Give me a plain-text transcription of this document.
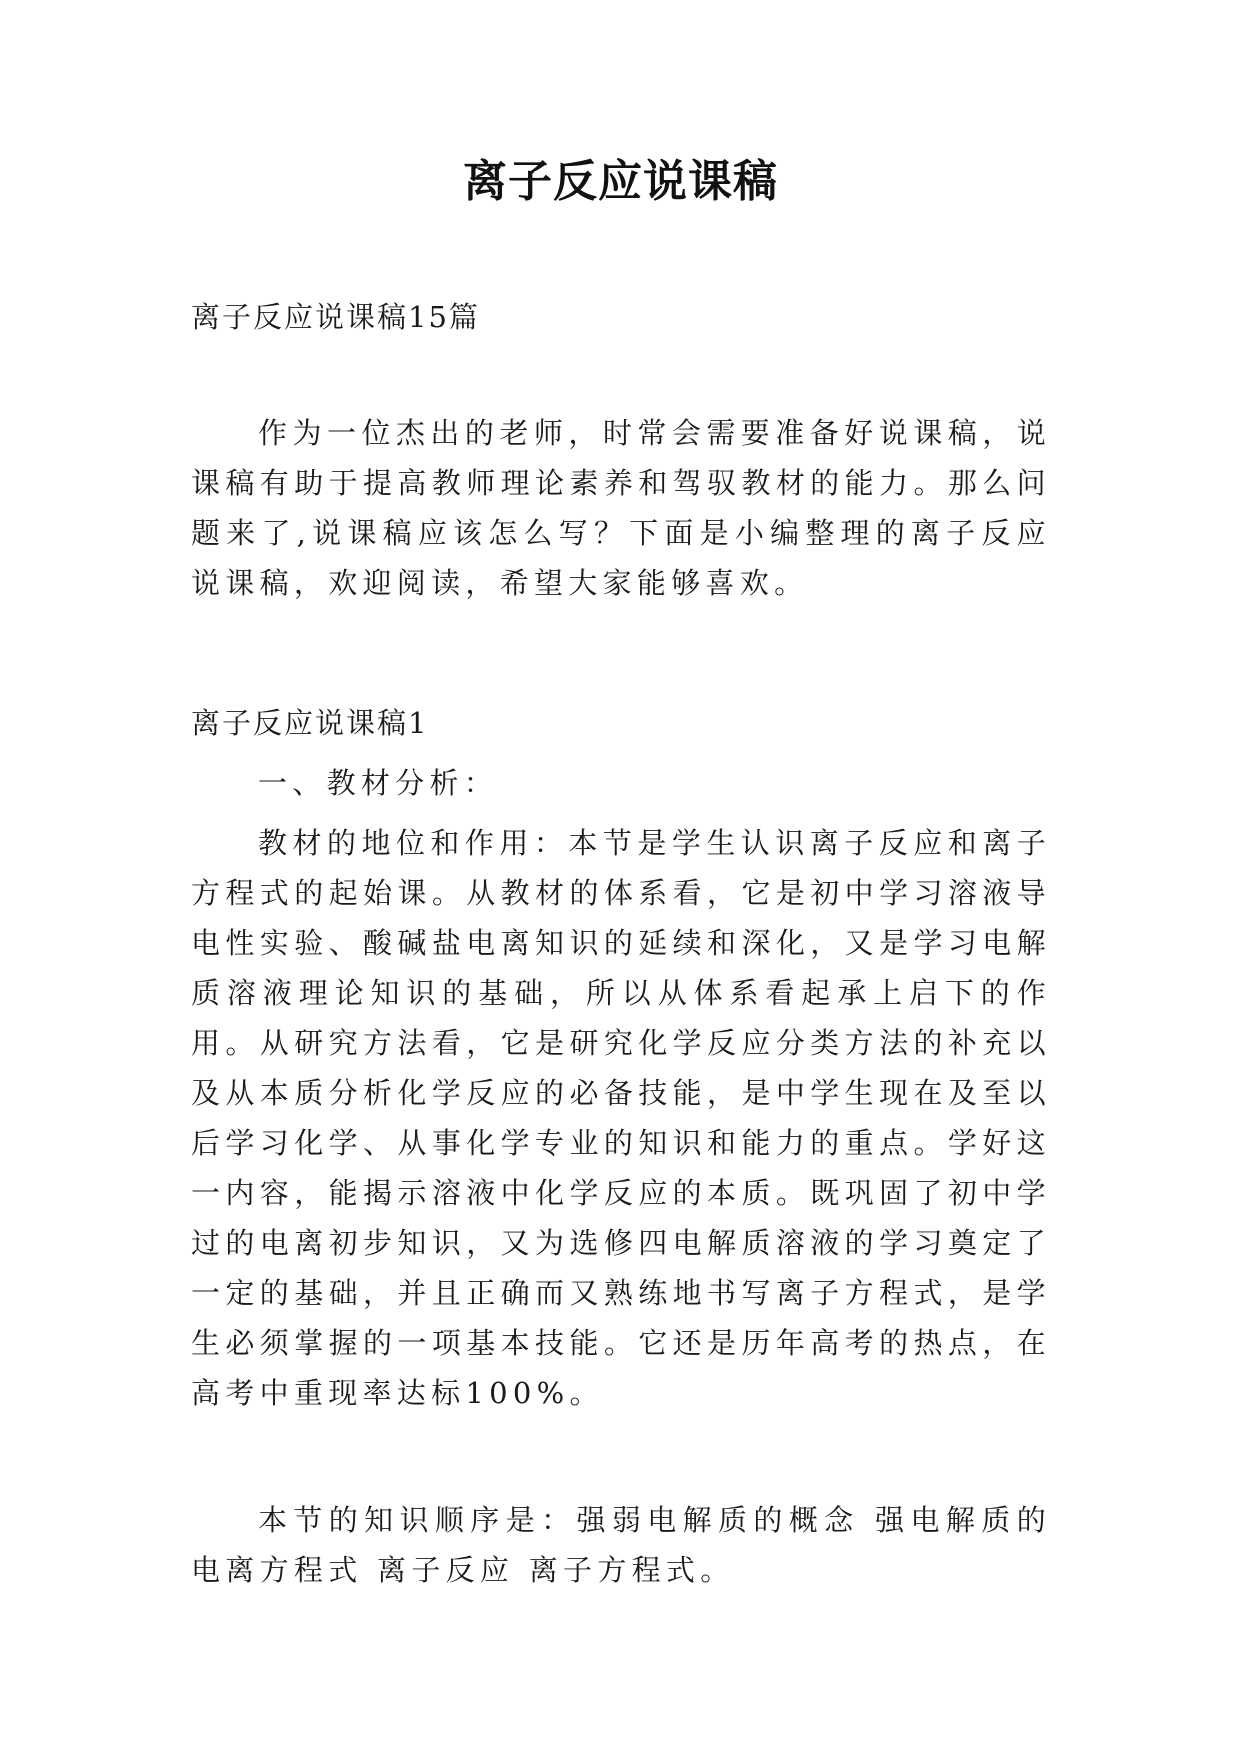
离子反应说课稿
离子反应说课稿15篇

作为一位杰出的老师，时常会需要准备好说课稿，说课稿有助于提高教师理论素养和驾驭教材的能力。那么问题来了,说课稿应该怎么写？下面是小编整理的离子反应说课稿，欢迎阅读，希望大家能够喜欢。

离子反应说课稿1
一、教材分析：

教材的地位和作用：本节是学生认识离子反应和离子方程式的起始课。从教材的体系看，它是初中学习溶液导电性实验、酸碱盐电离知识的延续和深化，又是学习电解质溶液理论知识的基础，所以从体系看起承上启下的作用。从研究方法看，它是研究化学反应分类方法的补充以及从本质分析化学反应的必备技能，是中学生现在及至以后学习化学、从事化学专业的知识和能力的重点。学好这一内容，能揭示溶液中化学反应的本质。既巩固了初中学过的电离初步知识，又为选修四电解质溶液的学习奠定了一定的基础，并且正确而又熟练地书写离子方程式，是学生必须掌握的一项基本技能。它还是历年高考的热点，在高考中重现率达标100%。

本节的知识顺序是：强弱电解质的概念 强电解质的电离方程式 离子反应 离子方程式。
